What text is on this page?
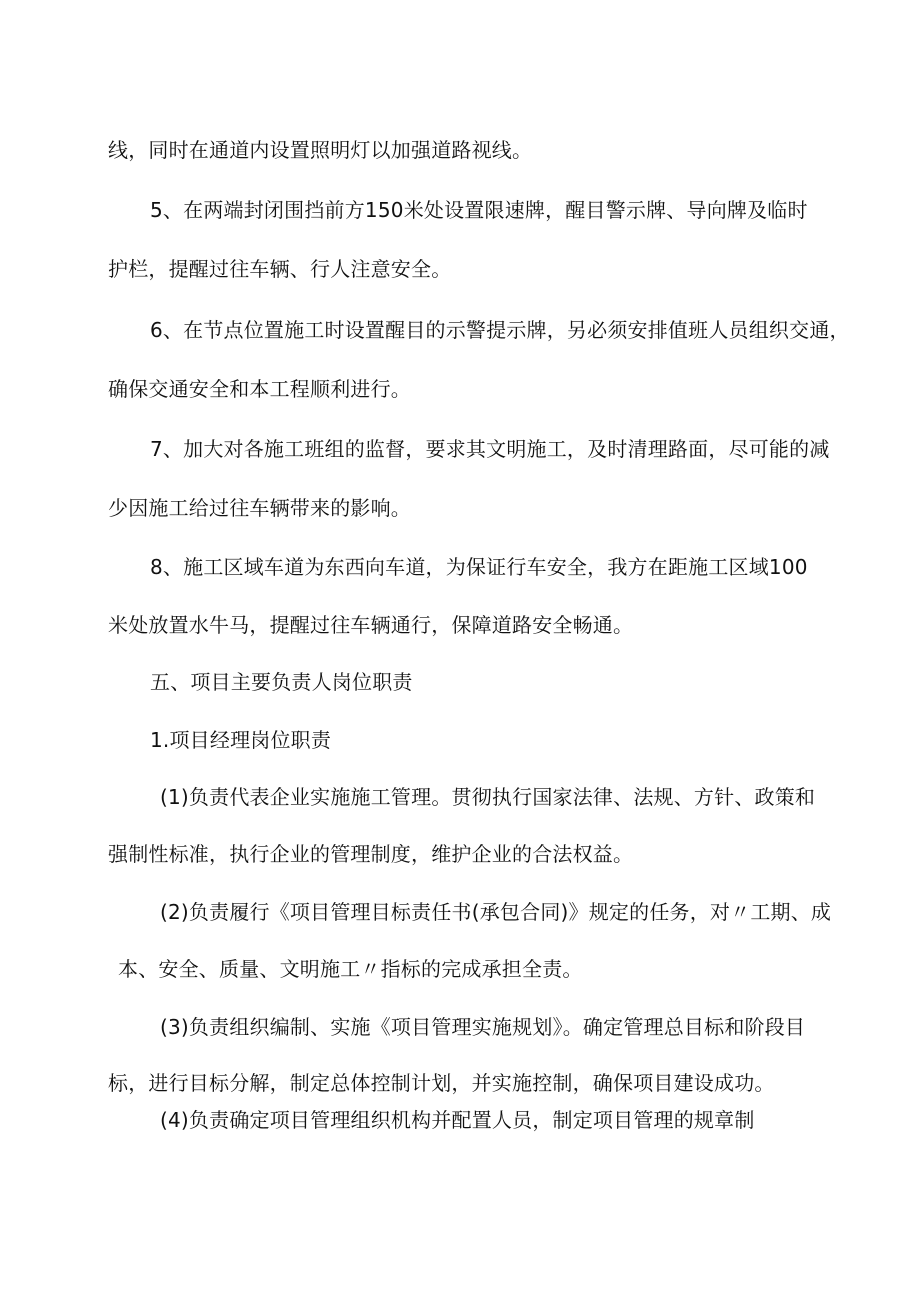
线，同时在通道内设置照明灯以加强道路视线。
5、在两端封闭围挡前方150米处设置限速牌，醒目警示牌、导向牌及临时
护栏，提醒过往车辆、行人注意安全。
6、在节点位置施工时设置醒目的示警提示牌，另必须安排值班人员组织交通，
确保交通安全和本工程顺利进行。
7、加大对各施工班组的监督，要求其文明施工，及时清理路面，尽可能的减
少因施工给过往车辆带来的影响。
8、施工区域车道为东西向车道，为保证行车安全，我方在距施工区域100
米处放置水牛马，提醒过往车辆通行，保障道路安全畅通。
五、项目主要负责人岗位职责
1.项目经理岗位职责
(1)负责代表企业实施施工管理。贯彻执行国家法律、法规、方针、政策和
强制性标准，执行企业的管理制度，维护企业的合法权益。
(2)负责履行《项目管理目标责任书(承包合同)》规定的任务，对〃工期、成
本、安全、质量、文明施工〃指标的完成承担全责。
(3)负责组织编制、实施《项目管理实施规划》。确定管理总目标和阶段目
标，进行目标分解，制定总体控制计划，并实施控制，确保项目建设成功。
(4)负责确定项目管理组织机构并配置人员，制定项目管理的规章制
